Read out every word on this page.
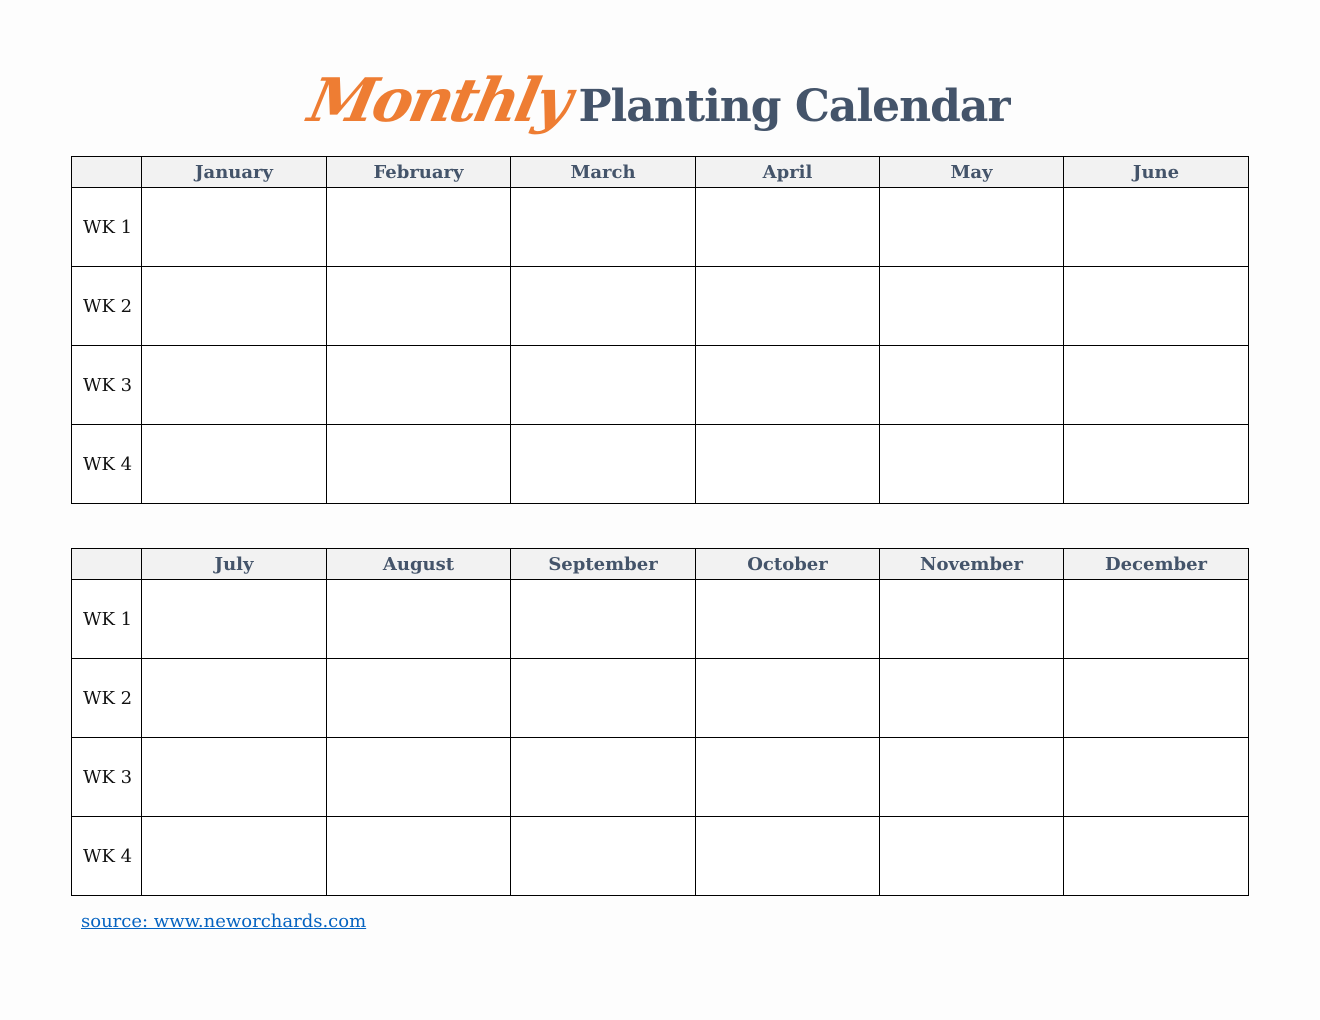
MonthlyPlanting Calendar
	January	February	March	April	May	June
WK 1						
WK 2						
WK 3						
WK 4						
	July	August	September	October	November	December
WK 1						
WK 2						
WK 3						
WK 4						
source: www.neworchards.com
